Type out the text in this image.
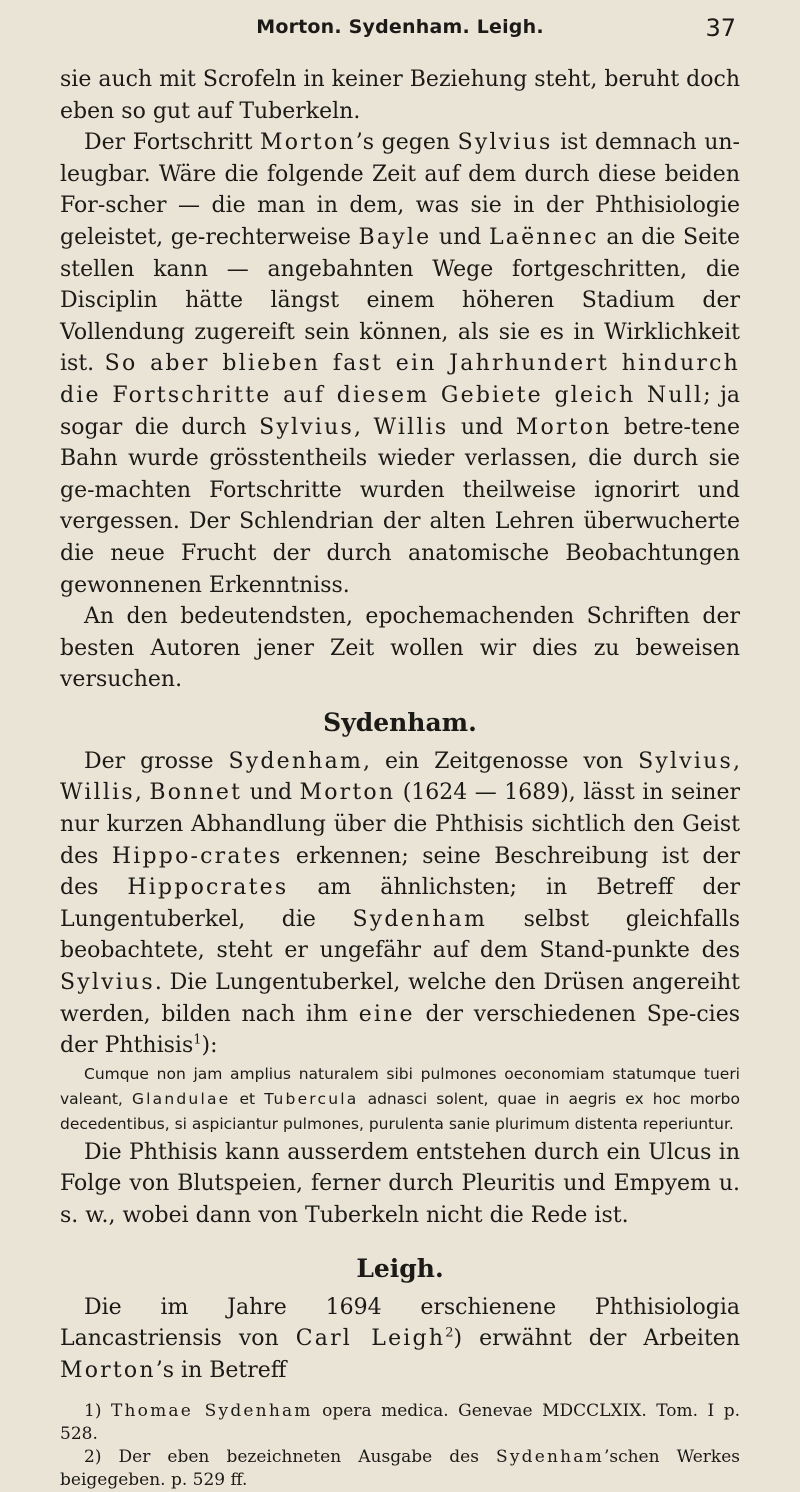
Morton. Sydenham. Leigh.	37

sie auch mit Scrofeln in keiner Beziehung steht, beruht doch eben so gut auf Tuberkeln.

Der Fortschritt Morton’s gegen Sylvius ist demnach un-leugbar. Wäre die folgende Zeit auf dem durch diese beiden For-scher — die man in dem, was sie in der Phthisiologie geleistet, ge-rechterweise Bayle und Laënnec an die Seite stellen kann — angebahnten Wege fortgeschritten, die Disciplin hätte längst einem höheren Stadium der Vollendung zugereift sein können, als sie es in Wirklichkeit ist. So aber blieben fast ein Jahrhundert hindurch die Fortschritte auf diesem Gebiete gleich Null; ja sogar die durch Sylvius, Willis und Morton betre-tene Bahn wurde grösstentheils wieder verlassen, die durch sie ge-machten Fortschritte wurden theilweise ignorirt und vergessen. Der Schlendrian der alten Lehren überwucherte die neue Frucht der durch anatomische Beobachtungen gewonnenen Erkenntniss.

An den bedeutendsten, epochemachenden Schriften der besten Autoren jener Zeit wollen wir dies zu beweisen versuchen.

Sydenham.

Der grosse Sydenham, ein Zeitgenosse von Sylvius, Willis, Bonnet und Morton (1624 — 1689), lässt in seiner nur kurzen Abhandlung über die Phthisis sichtlich den Geist des Hippo-crates erkennen; seine Beschreibung ist der des Hippocrates am ähnlichsten; in Betreff der Lungentuberkel, die Sydenham selbst gleichfalls beobachtete, steht er ungefähr auf dem Stand-punkte des Sylvius. Die Lungentuberkel, welche den Drüsen angereiht werden, bilden nach ihm eine der verschiedenen Spe-cies der Phthisis$^1$):

Cumque non jam amplius naturalem sibi pulmones oeconomiam statumque tueri valeant, Glandulae et Tubercula adnasci solent, quae in aegris ex hoc morbo decedentibus, si aspiciantur pulmones, purulenta sanie plurimum distenta reperiuntur.

Die Phthisis kann ausserdem entstehen durch ein Ulcus in Folge von Blutspeien, ferner durch Pleuritis und Empyem u. s. w., wobei dann von Tuberkeln nicht die Rede ist.

Leigh.

Die im Jahre 1694 erschienene Phthisiologia Lancastriensis von Carl Leigh$^2$) erwähnt der Arbeiten Morton’s in Betreff

1) Thomae Sydenham opera medica. Genevae MDCCLXIX. Tom. I p. 528.

2) Der eben bezeichneten Ausgabe des Sydenham’schen Werkes beigegeben. p. 529 ff.
